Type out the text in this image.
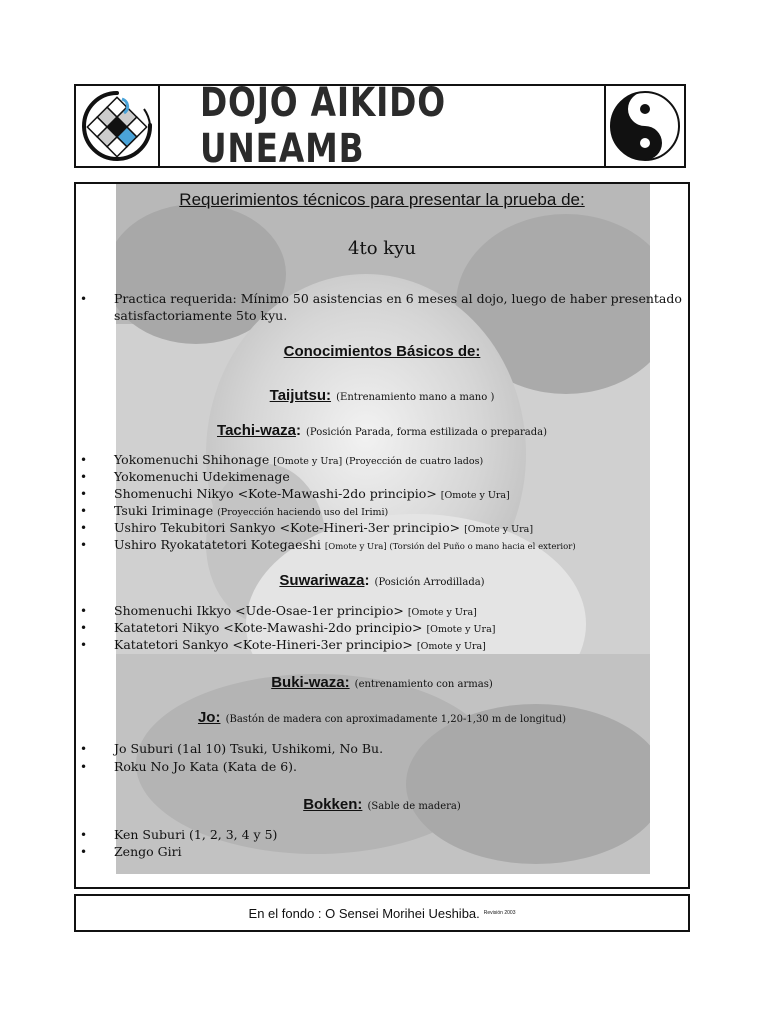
DOJO AIKIDO UNEAMB
Requerimientos técnicos para presentar la prueba de:
4to kyu
• Practica requerida: Mínimo 50 asistencias en 6 meses al dojo, luego de haber presentado
satisfactoriamente 5to kyu.
Conocimientos Básicos de:
Taijutsu: (Entrenamiento mano a mano )
Tachi-waza: (Posición Parada, forma estilizada o preparada)
• Yokomenuchi Shihonage [Omote y Ura] (Proyección de cuatro lados)
• Yokomenuchi Udekimenage
• Shomenuchi Nikyo <Kote-Mawashi-2do principio> [Omote y Ura]
• Tsuki Iriminage (Proyección haciendo uso del Irimi)
• Ushiro Tekubitori Sankyo <Kote-Hineri-3er principio> [Omote y Ura]
• Ushiro Ryokatatetori Kotegaeshi [Omote y Ura] (Torsión del Puño o mano hacia el exterior)
Suwariwaza: (Posición Arrodillada)
• Shomenuchi Ikkyo <Ude-Osae-1er principio> [Omote y Ura]
• Katatetori Nikyo <Kote-Mawashi-2do principio> [Omote y Ura]
• Katatetori Sankyo <Kote-Hineri-3er principio> [Omote y Ura]
Buki-waza: (entrenamiento con armas)
Jo: (Bastón de madera con aproximadamente 1,20-1,30 m de longitud)
• Jo Suburi (1al 10) Tsuki, Ushikomi, No Bu.
• Roku No Jo Kata (Kata de 6).
Bokken: (Sable de madera)
• Ken Suburi (1, 2, 3, 4 y 5)
• Zengo Giri
En el fondo : O Sensei Morihei Ueshiba. Revisión 2003
